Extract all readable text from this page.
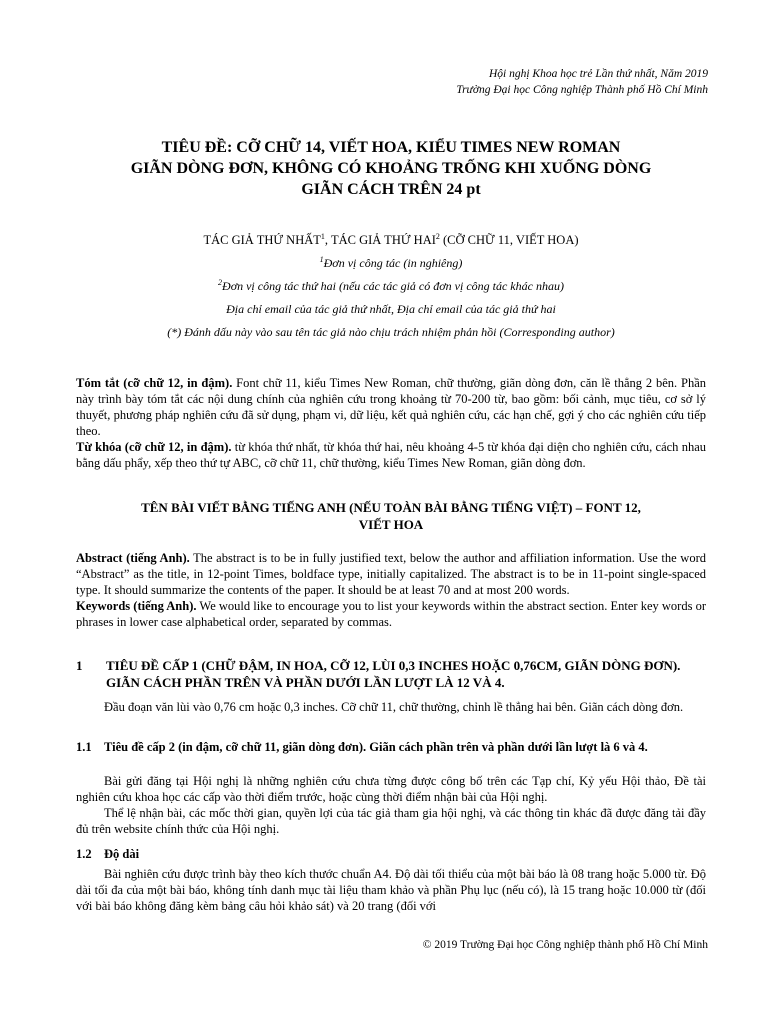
Hội nghị Khoa học trẻ Lần thứ nhất, Năm 2019
Trường Đại học Công nghiệp Thành phố Hồ Chí Minh
TIÊU ĐỀ: CỠ CHỮ 14, VIẾT HOA, KIỂU TIMES NEW ROMAN
GIÃN DÒNG ĐƠN, KHÔNG CÓ KHOẢNG TRỐNG KHI XUỐNG DÒNG
GIÃN CÁCH TRÊN 24 pt
TÁC GIẢ THỨ NHẤT$^1$, TÁC GIẢ THỨ HAI$^2$ (CỠ CHỮ 11, VIẾT HOA)
$^1$Đơn vị công tác (in nghiêng)
$^2$Đơn vị công tác thứ hai (nếu các tác giả có đơn vị công tác khác nhau)
Địa chỉ email của tác giả thứ nhất, Địa chỉ email của tác giả thứ hai
(*) Đánh dấu này vào sau tên tác giả nào chịu trách nhiệm phản hồi (Corresponding author)
Tóm tắt (cỡ chữ 12, in đậm). Font chữ 11, kiểu Times New Roman, chữ thường, giãn dòng đơn, căn lề thẳng 2 bên. Phần này trình bày tóm tắt các nội dung chính của nghiên cứu trong khoảng từ 70-200 từ, bao gồm: bối cảnh, mục tiêu, cơ sở lý thuyết, phương pháp nghiên cứu đã sử dụng, phạm vi, dữ liệu, kết quả nghiên cứu, các hạn chế, gợi ý cho các nghiên cứu tiếp theo.
Từ khóa (cỡ chữ 12, in đậm). từ khóa thứ nhất, từ khóa thứ hai, nêu khoảng 4-5 từ khóa đại diện cho nghiên cứu, cách nhau bằng dấu phẩy, xếp theo thứ tự ABC, cỡ chữ 11, chữ thường, kiểu Times New Roman, giãn dòng đơn.
TÊN BÀI VIẾT BẰNG TIẾNG ANH (NẾU TOÀN BÀI BẰNG TIẾNG VIỆT) – FONT 12,
VIẾT HOA
Abstract (tiếng Anh). The abstract is to be in fully justified text, below the author and affiliation information. Use the word “Abstract” as the title, in 12-point Times, boldface type, initially capitalized. The abstract is to be in 11-point single-spaced type. It should summarize the contents of the paper. It should be at least 70 and at most 200 words.
Keywords (tiếng Anh). We would like to encourage you to list your keywords within the abstract section. Enter key words or phrases in lower case alphabetical order, separated by commas.
1	TIÊU ĐỀ CẤP 1 (CHỮ ĐẬM, IN HOA, CỠ 12, LÙI 0,3 INCHES HOẶC 0,76CM, GIÃN DÒNG ĐƠN). GIÃN CÁCH PHẦN TRÊN VÀ PHẦN DƯỚI LẦN LƯỢT LÀ 12 VÀ 4.

Đầu đoạn văn lùi vào 0,76 cm hoặc 0,3 inches. Cỡ chữ 11, chữ thường, chỉnh lề thẳng hai bên. Giãn cách dòng đơn.

1.1 Tiêu đề cấp 2 (in đậm, cỡ chữ 11, giãn dòng đơn). Giãn cách phần trên và phần dưới lần lượt là 6 và 4.

Bài gửi đăng tại Hội nghị là những nghiên cứu chưa từng được công bố trên các Tạp chí, Kỷ yếu Hội thảo, Đề tài nghiên cứu khoa học các cấp vào thời điểm trước, hoặc cùng thời điểm nhận bài của Hội nghị.

Thể lệ nhận bài, các mốc thời gian, quyền lợi của tác giả tham gia hội nghị, và các thông tin khác đã được đăng tải đầy đủ trên website chính thức của Hội nghị.

1.2 Độ dài

Bài nghiên cứu được trình bày theo kích thước chuẩn A4. Độ dài tối thiểu của một bài báo là 08 trang hoặc 5.000 từ. Độ dài tối đa của một bài báo, không tính danh mục tài liệu tham khảo và phần Phụ lục (nếu có), là 15 trang hoặc 10.000 từ (đối với bài báo không đăng kèm bảng câu hỏi khảo sát) và 20 trang (đối với

© 2019 Trường Đại học Công nghiệp thành phố Hồ Chí Minh
